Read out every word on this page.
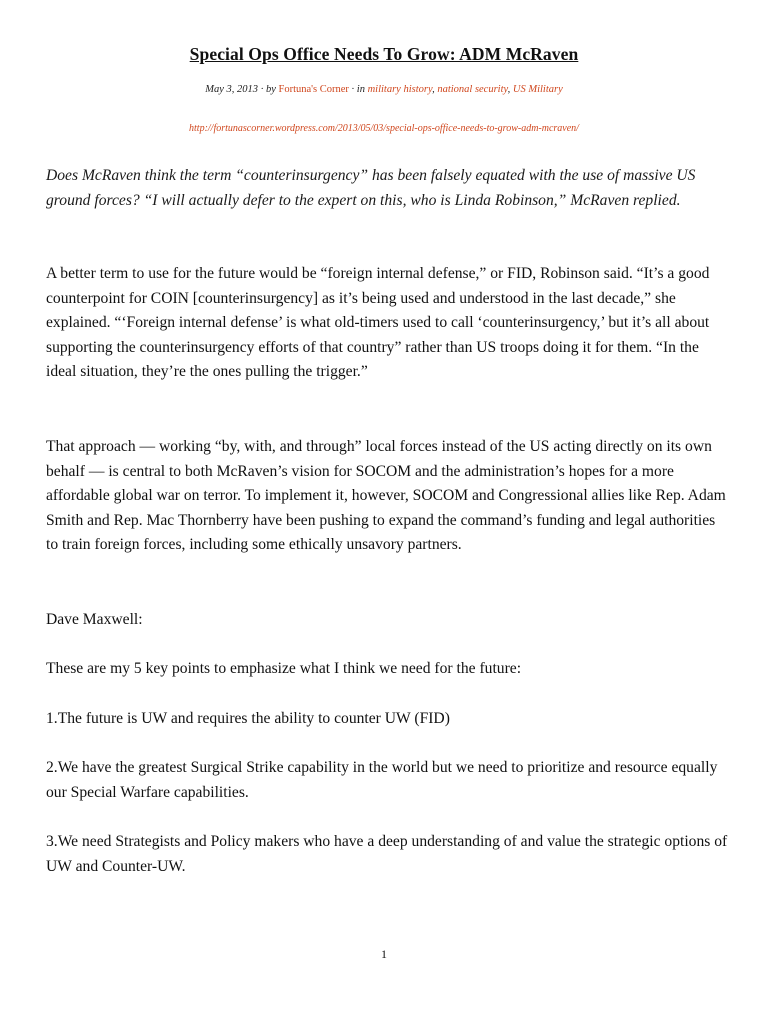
Special Ops Office Needs To Grow: ADM McRaven
May 3, 2013 · by Fortuna's Corner · in military history, national security, US Military
http://fortunascorner.wordpress.com/2013/05/03/special-ops-office-needs-to-grow-adm-mcraven/

Does McRaven think the term “counterinsurgency” has been falsely equated with the use of massive US ground forces? “I will actually defer to the expert on this, who is Linda Robinson,” McRaven replied.

A better term to use for the future would be “foreign internal defense,” or FID, Robinson said. “It’s a good counterpoint for COIN [counterinsurgency] as it’s being used and understood in the last decade,” she explained. “‘Foreign internal defense’ is what old-timers used to call ‘counterinsurgency,’ but it’s all about supporting the counterinsurgency efforts of that country” rather than US troops doing it for them. “In the ideal situation, they’re the ones pulling the trigger.”

That approach — working “by, with, and through” local forces instead of the US acting directly on its own behalf — is central to both McRaven’s vision for SOCOM and the administration’s hopes for a more affordable global war on terror. To implement it, however, SOCOM and Congressional allies like Rep. Adam Smith and Rep. Mac Thornberry have been pushing to expand the command’s funding and legal authorities to train foreign forces, including some ethically unsavory partners.

Dave Maxwell:

These are my 5 key points to emphasize what I think we need for the future:

1.The future is UW and requires the ability to counter UW (FID)

2.We have the greatest Surgical Strike capability in the world but we need to prioritize and resource equally our Special Warfare capabilities.

3.We need Strategists and Policy makers who have a deep understanding of and value the strategic options of UW and Counter-UW.

1
